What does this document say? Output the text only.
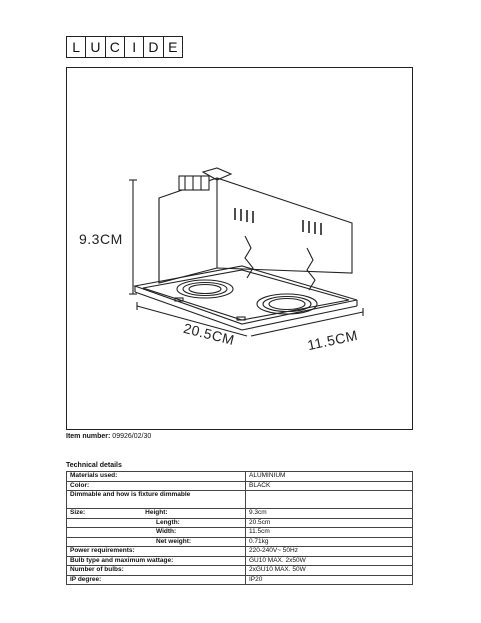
L U C I D E
9.3CM
20.5CM	11.5CM
Item number: 09926/02/30
Technical details
Materials used:	ALUMINIUM
Color:	BLACK
Dimmable and how is fixture dimmable	
Size: Height:	9.3cm
Length:	20.5cm
Width:	11.5cm
Net weight:	0.71kg
Power requirements:	220-240V~ 50Hz
Bulb type and maximum wattage:	GU10 MAX. 2x50W
Number of bulbs:	2xGU10 MAX. 50W
IP degree:	IP20
